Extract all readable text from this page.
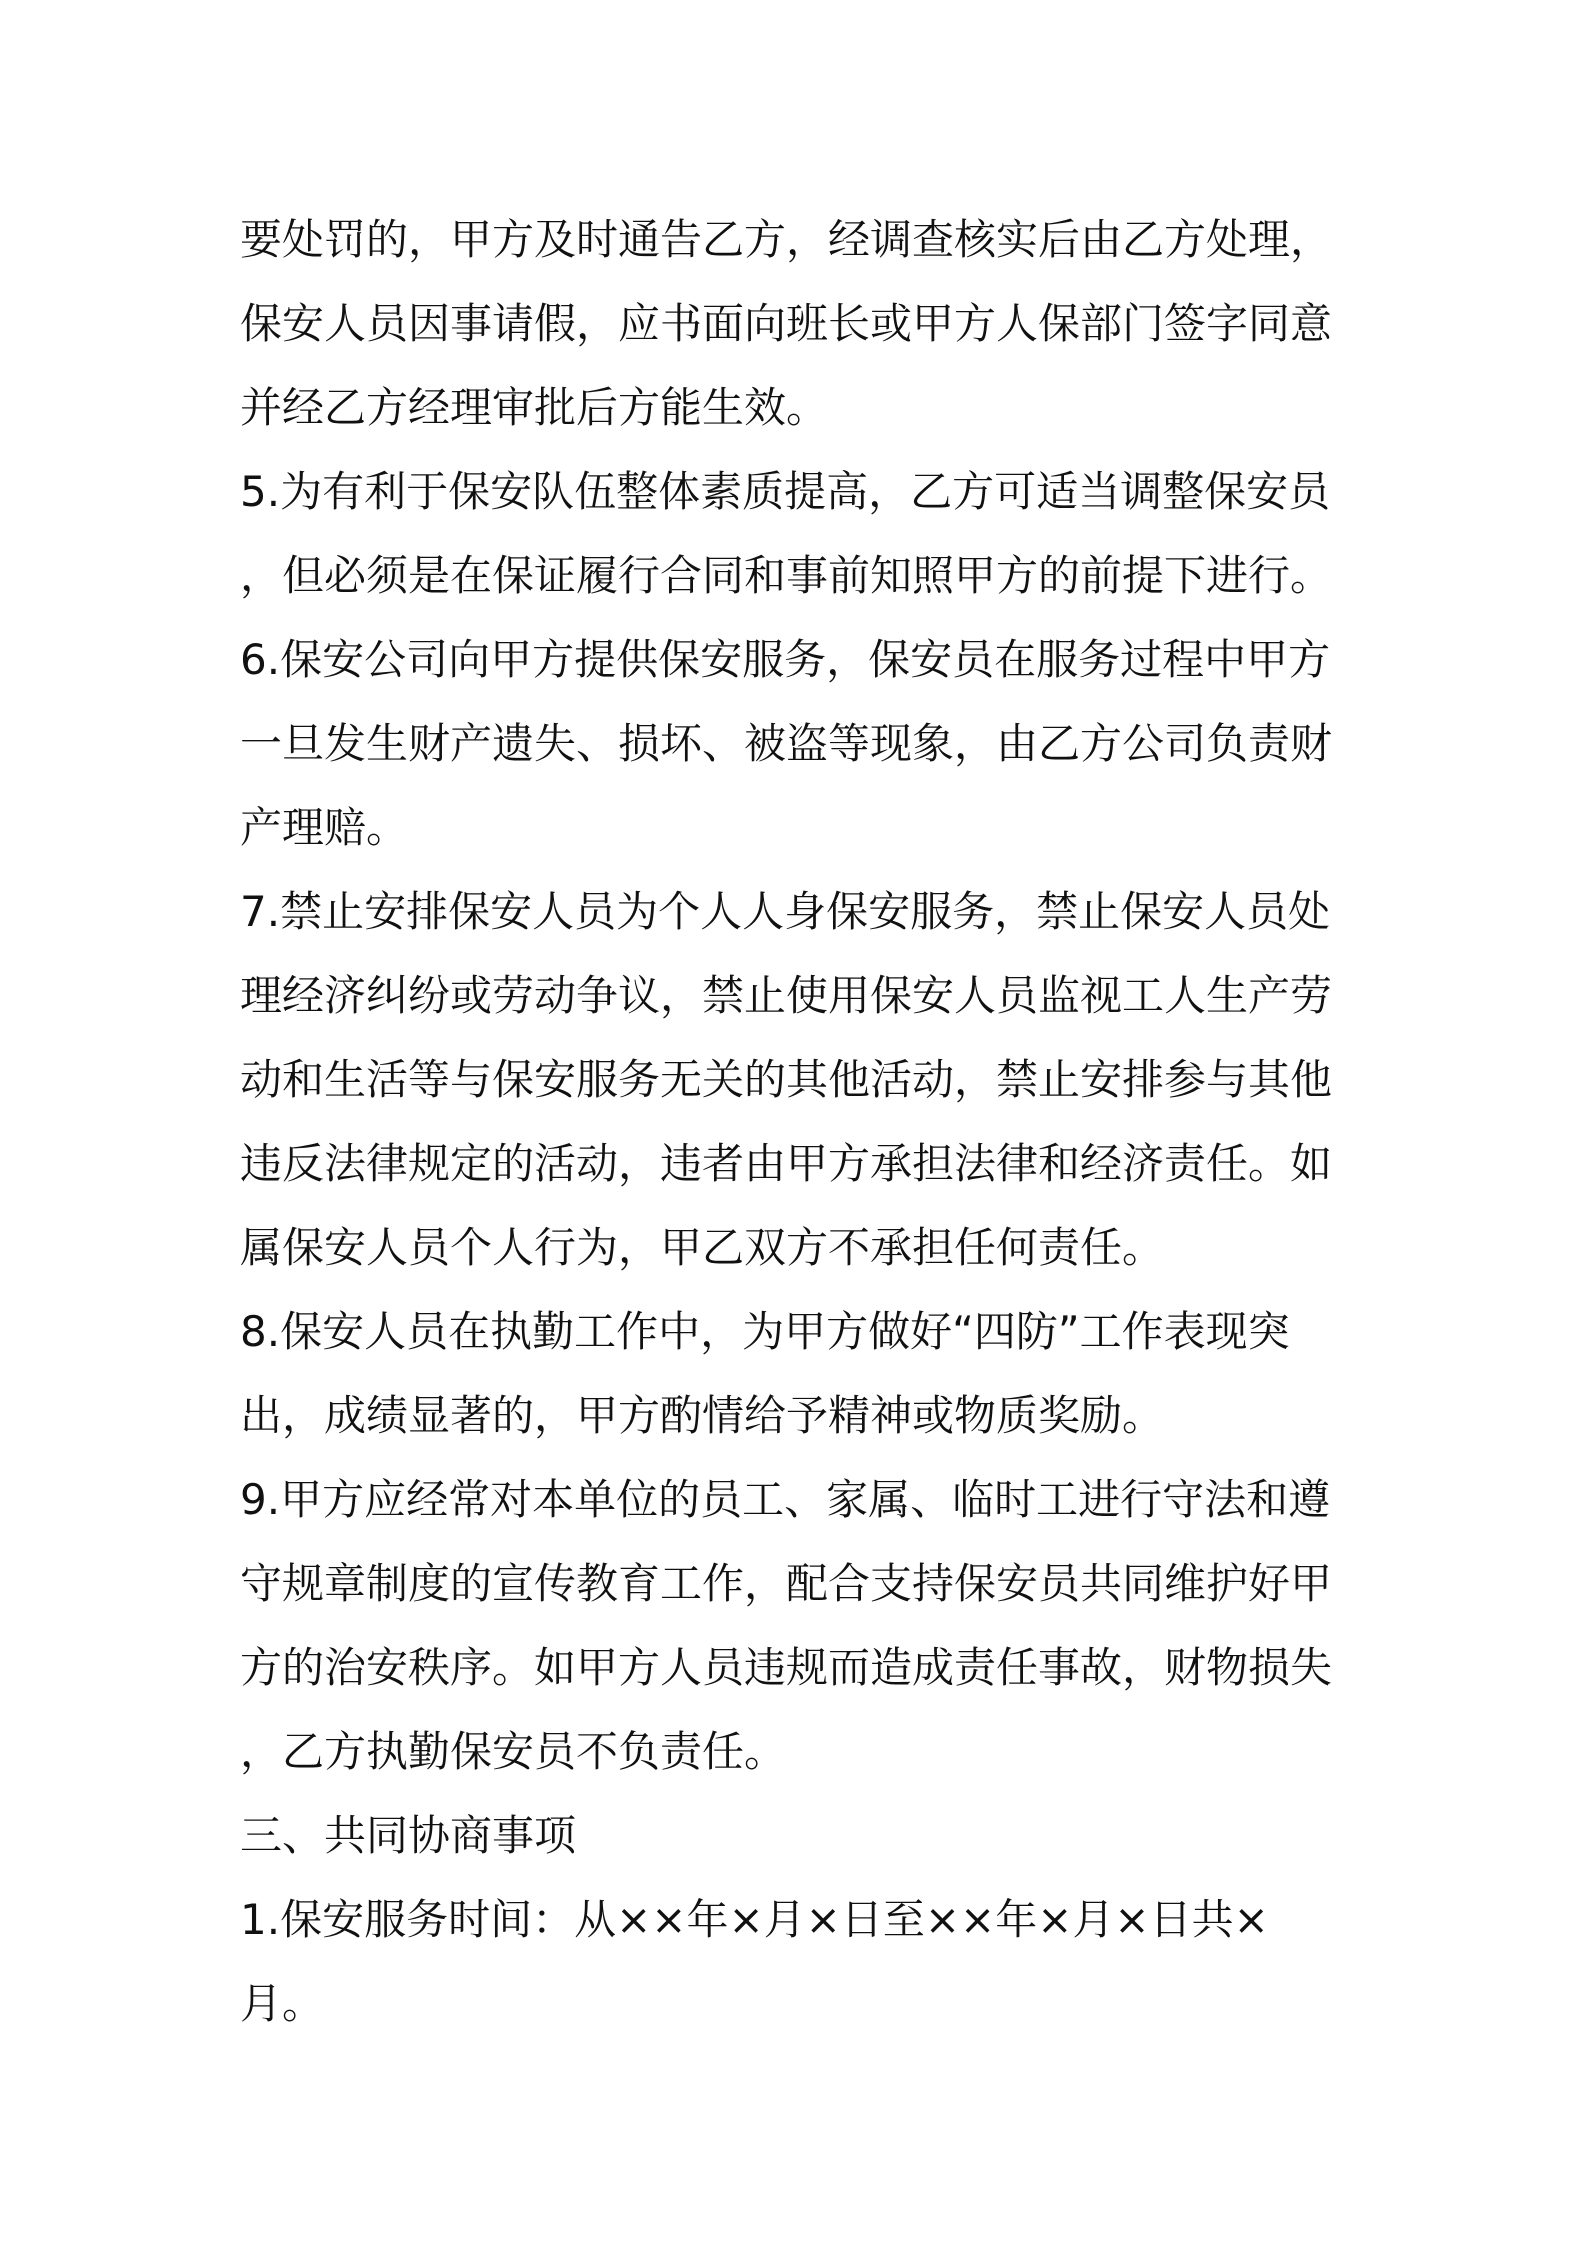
要处罚的，甲方及时通告乙方，经调查核实后由乙方处理，
保安人员因事请假，应书面向班长或甲方人保部门签字同意
并经乙方经理审批后方能生效。
5.为有利于保安队伍整体素质提高，乙方可适当调整保安员
，但必须是在保证履行合同和事前知照甲方的前提下进行。
6.保安公司向甲方提供保安服务，保安员在服务过程中甲方
一旦发生财产遗失、损坏、被盗等现象，由乙方公司负责财
产理赔。
7.禁止安排保安人员为个人人身保安服务，禁止保安人员处
理经济纠纷或劳动争议，禁止使用保安人员监视工人生产劳
动和生活等与保安服务无关的其他活动，禁止安排参与其他
违反法律规定的活动，违者由甲方承担法律和经济责任。如
属保安人员个人行为，甲乙双方不承担任何责任。
8.保安人员在执勤工作中，为甲方做好“四防”工作表现突
出，成绩显著的，甲方酌情给予精神或物质奖励。
9.甲方应经常对本单位的员工、家属、临时工进行守法和遵
守规章制度的宣传教育工作，配合支持保安员共同维护好甲
方的治安秩序。如甲方人员违规而造成责任事故，财物损失
，乙方执勤保安员不负责任。
三、共同协商事项
1.保安服务时间：从××年×月×日至××年×月×日共×
月。
